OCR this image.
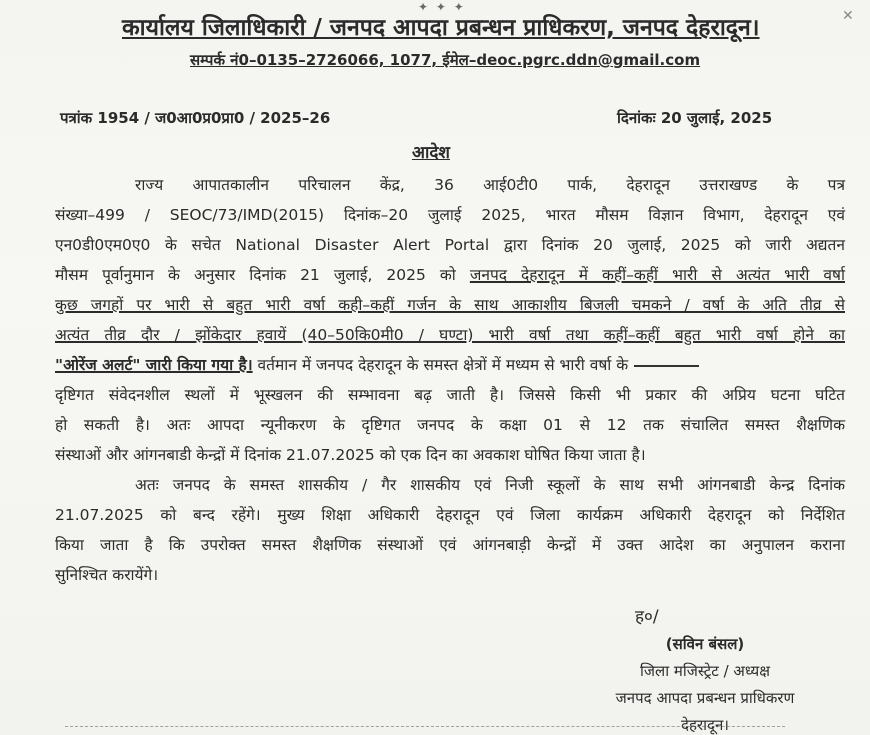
✦ ✦ ✦
✕
कार्यालय जिलाधिकारी / जनपद आपदा प्रबन्धन प्राधिकरण, जनपद देहरादून।
सम्पर्क नं0–0135–2726066, 1077, ईमेल–deoc.pgrc.ddn@gmail.com
पत्रांक 1954 / ज0आ0प्र0प्रा0 / 2025–26	दिनांकः 20 जुलाई, 2025
आदेश
राज्य आपातकालीन परिचालन केंद्र, 36 आई0टी0 पार्क, देहरादून उत्तराखण्ड के पत्र
संख्या–499 / SEOC/73/IMD(2015) दिनांक–20 जुलाई 2025, भारत मौसम विज्ञान विभाग, देहरादून एवं
एन0डी0एम0ए0 के सचेत National Disaster Alert Portal द्वारा दिनांक 20 जुलाई, 2025 को जारी अद्यतन
मौसम पूर्वानुमान के अनुसार दिनांक 21 जुलाई, 2025 को जनपद देहरादून में कहीं–कहीं भारी से अत्यंत भारी वर्षा
कुछ जगहों पर भारी से बहुत भारी वर्षा कही–कहीं गर्जन के साथ आकाशीय बिजली चमकने / वर्षा के अति तीव्र से
अत्यंत तीव्र दौर / झोंकेदार हवायें (40–50कि0मी0 / घण्टा) भारी वर्षा तथा कहीं–कहीं बहुत भारी वर्षा होने का
"ओरेंज अलर्ट" जारी किया गया है। वर्तमान में जनपद देहरादून के समस्त क्षेत्रों में मध्यम से भारी वर्षा के
दृष्टिगत संवेदनशील स्थलों में भूस्खलन की सम्भावना बढ़ जाती है। जिससे किसी भी प्रकार की अप्रिय घटना घटित
हो सकती है। अतः आपदा न्यूनीकरण के दृष्टिगत जनपद के कक्षा 01 से 12 तक संचालित समस्त शैक्षणिक
संस्थाओं और आंगनबाडी केन्द्रों में दिनांक 21.07.2025 को एक दिन का अवकाश घोषित किया जाता है।
अतः जनपद के समस्त शासकीय / गैर शासकीय एवं निजी स्कूलों के साथ सभी आंगनबाडी केन्द्र दिनांक
21.07.2025 को बन्द रहेंगे। मुख्य शिक्षा अधिकारी देहरादून एवं जिला कार्यक्रम अधिकारी देहरादून को निर्देशित
किया जाता है कि उपरोक्त समस्त शैक्षणिक संस्थाओं एवं आंगनबाड़ी केन्द्रों में उक्त आदेश का अनुपालन कराना
सुनिश्चित करायेंगे।
ह०/
(सविन बंसल)
जिला मजिस्ट्रेट / अध्यक्ष
जनपद आपदा प्रबन्धन प्राधिकरण
देहरादून।
